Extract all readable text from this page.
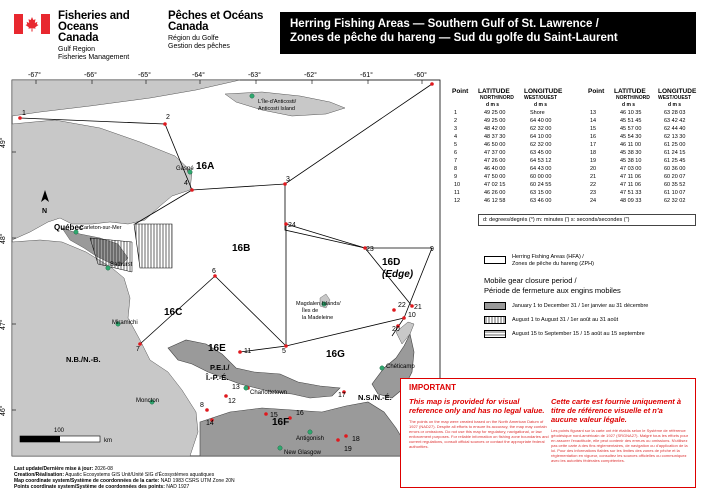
Fisheries and Oceans
Canada
Gulf Region
Fisheries Management
Pêches et Océans
Canada
Région du Golfe
Gestion des pêches
Herring Fishing Areas — Southern Gulf of St. Lawrence /
Zones de pêche du hareng — Sud du golfe du Saint-Laurent
-67°	-66°	-65°	-64°	-63°	-62°	-61°	-60°
49°
48°
47°
46°
16A
16B
16C
16D
(Edge)
16E
16F
16G
L'Île-d'Anticosti/
Anticosti Island
Gaspé
Québec
Carleton-sur-Mer
Bathurst
Magdalen Islands/
Îles de
la Madeleine
Miramichi
N.B./N.-B.
P.E.I./
Î.-P.-É.
Charlottetown
Moncton
Antigonish
New Glasgow
Chéticamp
N.S./N.-É.
1
2
3
4
5
6
7
8
9
10
11
12
13
14
15	16
17
18
19
20
21
22
23
24
N
100
km
Point LATITUDE LONGITUDE
NORTH/NORD WEST/OUEST
d m s	d m s
Point LATITUDE LONGITUDE
NORTH/NORD WEST/OUEST
d m s	d m s
1	49 25 00	Shore
2	49 25 00	64 40 00
3	48 42 00	62 32 00
4	48 37 30	64 10 00
5	46 50 00	62 32 00
6	47 37 00	63 45 00
7	47 26 00	64 53 12
8	46 40 00	64 43 00
9	47 50 00	60 00 00
10	47 02 15	60 24 55
11	46 26 00	63 15 00
12	46 12 58	63 46 00
13	46 10 35	63 28 03
14	45 51 45	63 42 42
15	45 57 00	62 44 40
16	45 54 30	62 13 30
17	46 11 00	61 25 00
18	45 38 30	61 24 15
19	45 38 10	61 25 45
20	47 03 00	60 36 00
21	47 11 06	60 20 07
22	47 11 06	60 35 52
23	47 51 33	61 10 07
24	48 09 33	62 32 02
d: degrees/degrés (°) m: minutes (') s: seconds/secondes (")
Herring Fishing Areas (HFA) /
Zones de pêche du hareng (ZPH)
Mobile gear closure period /
Période de fermeture aux engins mobiles
January 1 to December 31 / 1er janvier au 31 décembre
August 1 to August 31 / 1er août au 31 août
August 15 to September 15 / 15 août au 15 septembre
IMPORTANT
This map is provided for visual reference only and has no legal value.
The points on the map were created based on the North American Datum of 1927 (NAD27). Despite all efforts to ensure its accuracy, the map may contain errors or omissions. Do not use this map for regulatory, navigational, or law enforcement purposes. For reliable information on fishing zone boundaries and current regulations, consult official sources or contact the appropriate federal authorities.
Cette carte est fournie uniquement à titre de référence visuelle et n'a aucune valeur légale.
Les points figurant sur la carte ont été établis selon le Système de référence géodésique nord-américain de 1927 (SRGNA27). Malgré tous les efforts pour en assurer l'exactitude, elle peut contenir des erreurs ou omissions. N'utilisez pas cette carte à des fins réglementaires, de navigation ou d'application de la loi. Pour des informations fiables sur les limites des zones de pêche et la réglementation en vigueur, consultez les sources officielles ou communiquez avec les autorités fédérales compétentes.
Last update/Dernière mise à jour: 2026-08
Creation/Réalisation: Aquatic Ecosystems GIS Unit/Unité SIG d'Écosystèmes aquatiques
Map coordinate system/Système de coordonnées de la carte: NAD 1983 CSRS UTM Zone 20N
Points coordinate system/Système de coordonnées des points: NAD 1927
